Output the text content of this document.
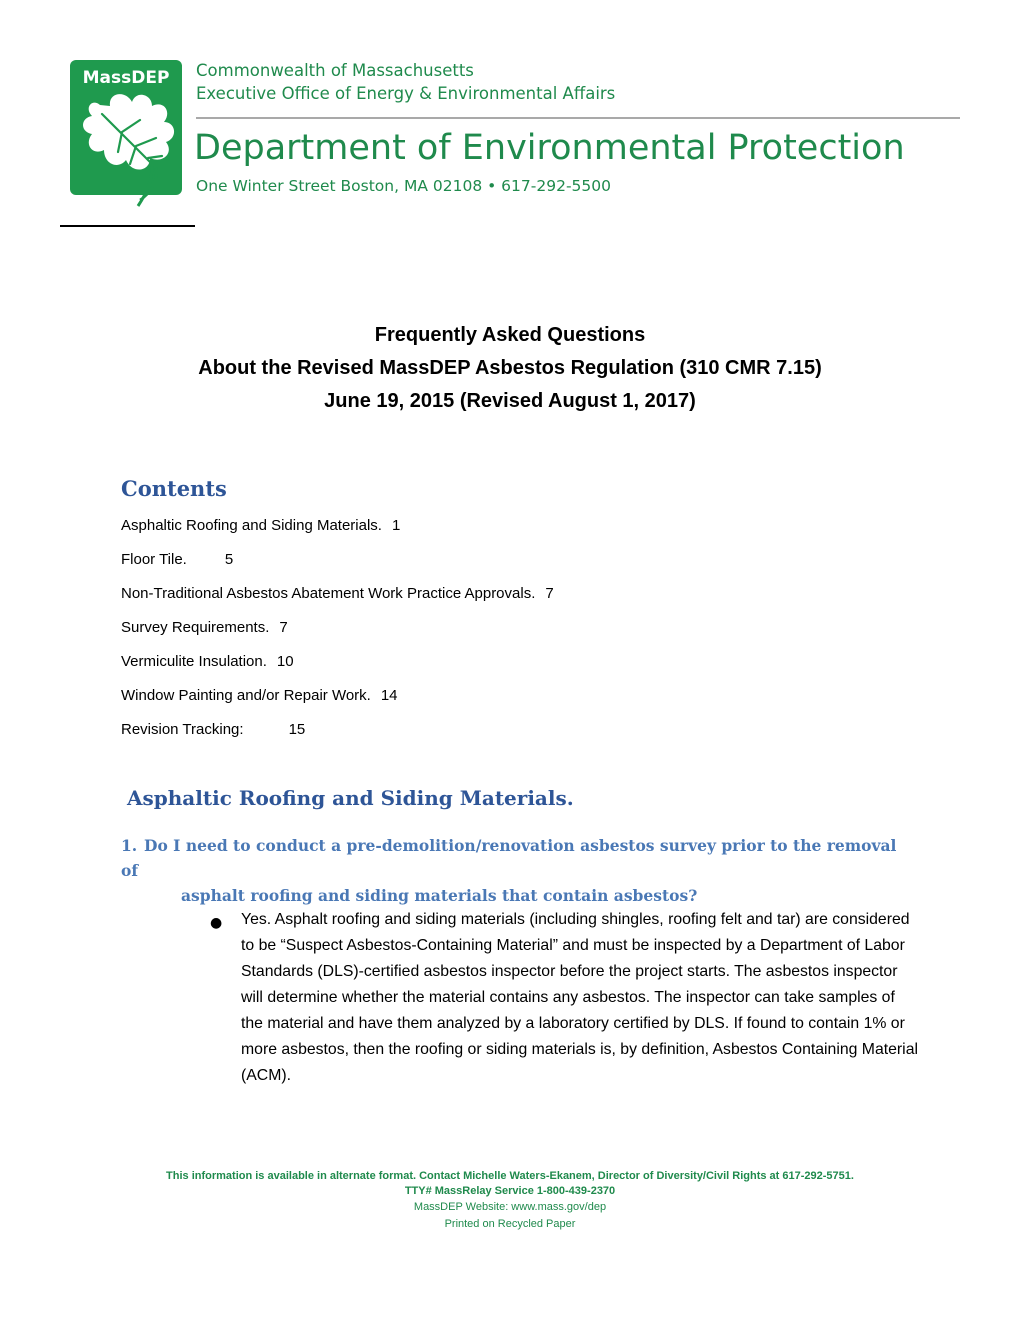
MassDEP Commonwealth of Massachusetts
Executive Office of Energy & Environmental Affairs
Department of Environmental Protection
One Winter Street Boston, MA 02108 • 617-292-5500
Frequently Asked Questions
About the Revised MassDEP Asbestos Regulation (310 CMR 7.15)
June 19, 2015 (Revised August 1, 2017)
Contents
Asphaltic Roofing and Siding Materials. 1
Floor Tile.	5
Non-Traditional Asbestos Abatement Work Practice Approvals. 7
Survey Requirements. 7
Vermiculite Insulation. 10
Window Painting and/or Repair Work. 14
Revision Tracking:	15
Asphaltic Roofing and Siding Materials.
1. Do I need to conduct a pre-demolition/renovation asbestos survey prior to the removal of
asphalt roofing and siding materials that contain asbestos?
● Yes. Asphalt roofing and siding materials (including shingles, roofing felt and tar) are considered to be “Suspect Asbestos-Containing Material” and must be inspected by a Department of Labor Standards (DLS)-certified asbestos inspector before the project starts. The asbestos inspector will determine whether the material contains any asbestos. The inspector can take samples of the material and have them analyzed by a laboratory certified by DLS. If found to contain 1% or more asbestos, then the roofing or siding materials is, by definition, Asbestos Containing Material (ACM).
This information is available in alternate format. Contact Michelle Waters-Ekanem, Director of Diversity/Civil Rights at 617-292-5751.
TTY# MassRelay Service 1-800-439-2370
MassDEP Website: www.mass.gov/dep
Printed on Recycled Paper
